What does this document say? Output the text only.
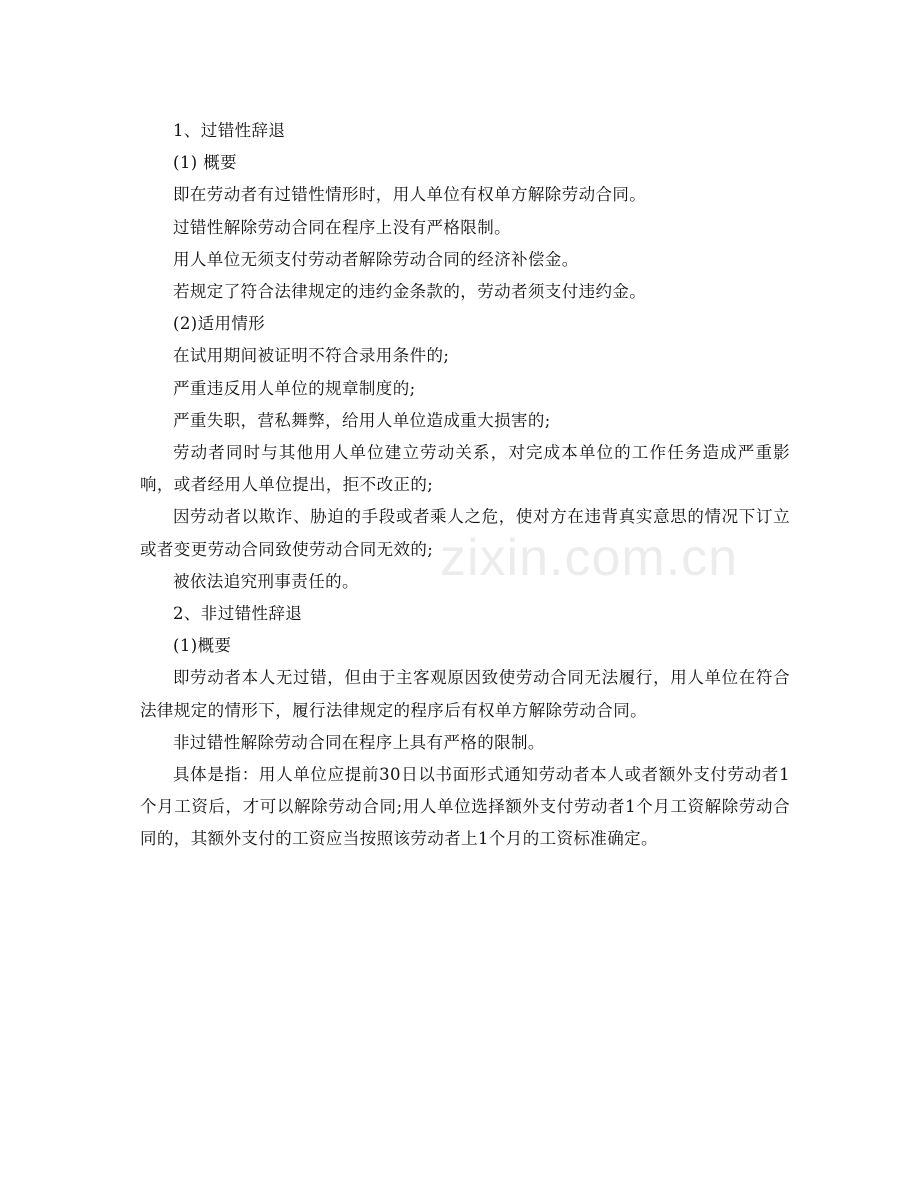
zixin.com.cn

1、过错性辞退

(1) 概要

即在劳动者有过错性情形时，用人单位有权单方解除劳动合同。

过错性解除劳动合同在程序上没有严格限制。

用人单位无须支付劳动者解除劳动合同的经济补偿金。

若规定了符合法律规定的违约金条款的，劳动者须支付违约金。

(2)适用情形

在试用期间被证明不符合录用条件的;

严重违反用人单位的规章制度的;

严重失职，营私舞弊，给用人单位造成重大损害的;

劳动者同时与其他用人单位建立劳动关系，对完成本单位的工作任务造成严重影响，或者经用人单位提出，拒不改正的;

因劳动者以欺诈、胁迫的手段或者乘人之危，使对方在违背真实意思的情况下订立或者变更劳动合同致使劳动合同无效的;

被依法追究刑事责任的。

2、非过错性辞退

(1)概要

即劳动者本人无过错，但由于主客观原因致使劳动合同无法履行，用人单位在符合法律规定的情形下，履行法律规定的程序后有权单方解除劳动合同。

非过错性解除劳动合同在程序上具有严格的限制。

具体是指：用人单位应提前30日以书面形式通知劳动者本人或者额外支付劳动者1个月工资后，才可以解除劳动合同;用人单位选择额外支付劳动者1个月工资解除劳动合同的，其额外支付的工资应当按照该劳动者上1个月的工资标准确定。
